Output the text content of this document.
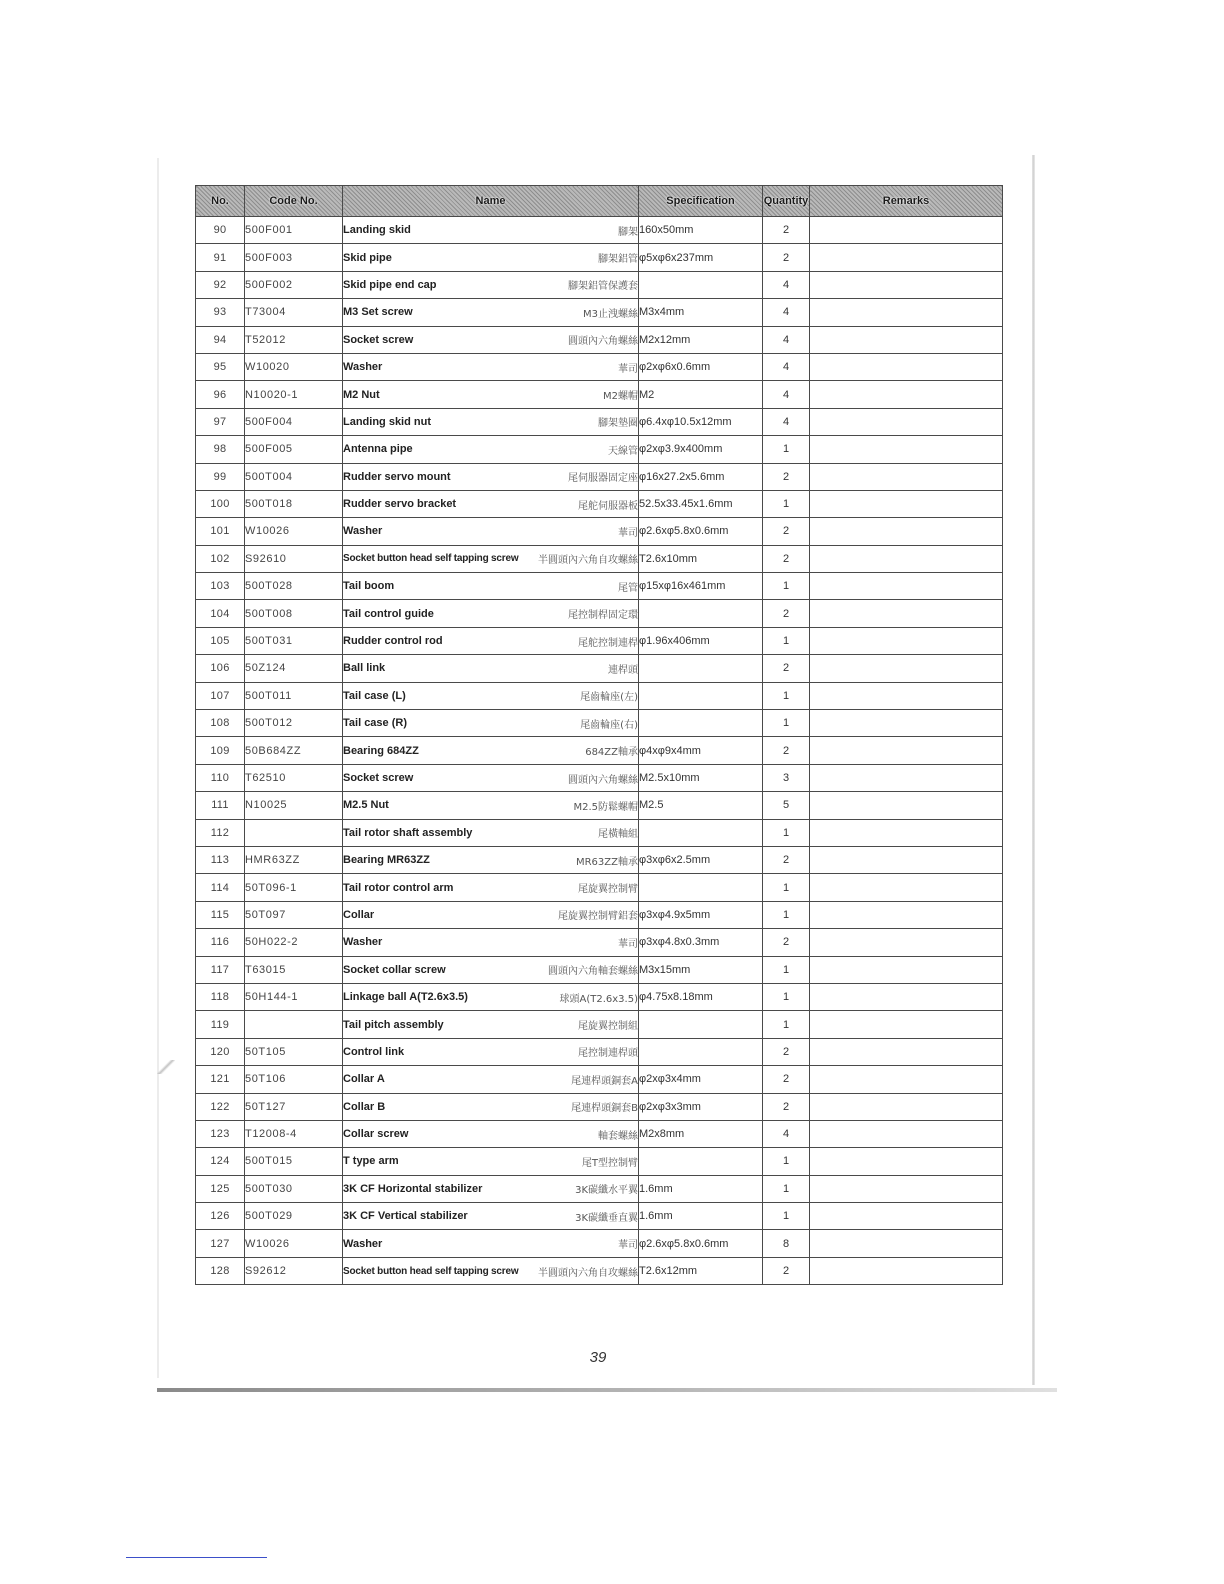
No.	Code No.	Name	Specification	Quantity	Remarks
90	500F001	Landing skid 腳架	160x50mm	2	
91	500F003	Skid pipe 腳架鋁管	φ5xφ6x237mm	2	
92	500F002	Skid pipe end cap 腳架鋁管保護套		4	
93	T73004	M3 Set screw M3止洩螺絲	M3x4mm	4	
94	T52012	Socket screw 圓頭內六角螺絲	M2x12mm	4	
95	W10020	Washer 華司	φ2xφ6x0.6mm	4	
96	N10020-1	M2 Nut M2螺帽	M2	4	
97	500F004	Landing skid nut 腳架墊圈	φ6.4xφ10.5x12mm	4	
98	500F005	Antenna pipe 天線管	φ2xφ3.9x400mm	1	
99	500T004	Rudder servo mount 尾伺服器固定座	φ16x27.2x5.6mm	2	
100	500T018	Rudder servo bracket 尾舵伺服器板	52.5x33.45x1.6mm	1	
101	W10026	Washer 華司	φ2.6xφ5.8x0.6mm	2	
102	S92610	Socket button head self tapping screw 半圓頭內六角自攻螺絲	T2.6x10mm	2	
103	500T028	Tail boom 尾管	φ15xφ16x461mm	1	
104	500T008	Tail control guide 尾控制桿固定環		2	
105	500T031	Rudder control rod 尾舵控制連桿	φ1.96x406mm	1	
106	50Z124	Ball link 連桿頭		2	
107	500T011	Tail case (L) 尾齒輪座(左)		1	
108	500T012	Tail case (R) 尾齒輪座(右)		1	
109	50B684ZZ	Bearing 684ZZ 684ZZ軸承	φ4xφ9x4mm	2	
110	T62510	Socket screw 圓頭內六角螺絲	M2.5x10mm	3	
111	N10025	M2.5 Nut M2.5防鬆螺帽	M2.5	5	
112		Tail rotor shaft assembly 尾橫軸組		1	
113	HMR63ZZ	Bearing MR63ZZ MR63ZZ軸承	φ3xφ6x2.5mm	2	
114	50T096-1	Tail rotor control arm 尾旋翼控制臂		1	
115	50T097	Collar 尾旋翼控制臂鋁套	φ3xφ4.9x5mm	1	
116	50H022-2	Washer 華司	φ3xφ4.8x0.3mm	2	
117	T63015	Socket collar screw 圓頭內六角軸套螺絲	M3x15mm	1	
118	50H144-1	Linkage ball A(T2.6x3.5) 球頭A(T2.6x3.5)	φ4.75x8.18mm	1	
119		Tail pitch assembly 尾旋翼控制組		1	
120	50T105	Control link 尾控制連桿頭		2	
121	50T106	Collar A 尾連桿頭銅套A	φ2xφ3x4mm	2	
122	50T127	Collar B 尾連桿頭銅套B	φ2xφ3x3mm	2	
123	T12008-4	Collar screw 軸套螺絲	M2x8mm	4	
124	500T015	T type arm 尾T型控制臂		1	
125	500T030	3K CF Horizontal stabilizer 3K碳纖水平翼	1.6mm	1	
126	500T029	3K CF Vertical stabilizer 3K碳纖垂直翼	1.6mm	1	
127	W10026	Washer 華司	φ2.6xφ5.8x0.6mm	8	
128	S92612	Socket button head self tapping screw 半圓頭內六角自攻螺絲	T2.6x12mm	2	
39
